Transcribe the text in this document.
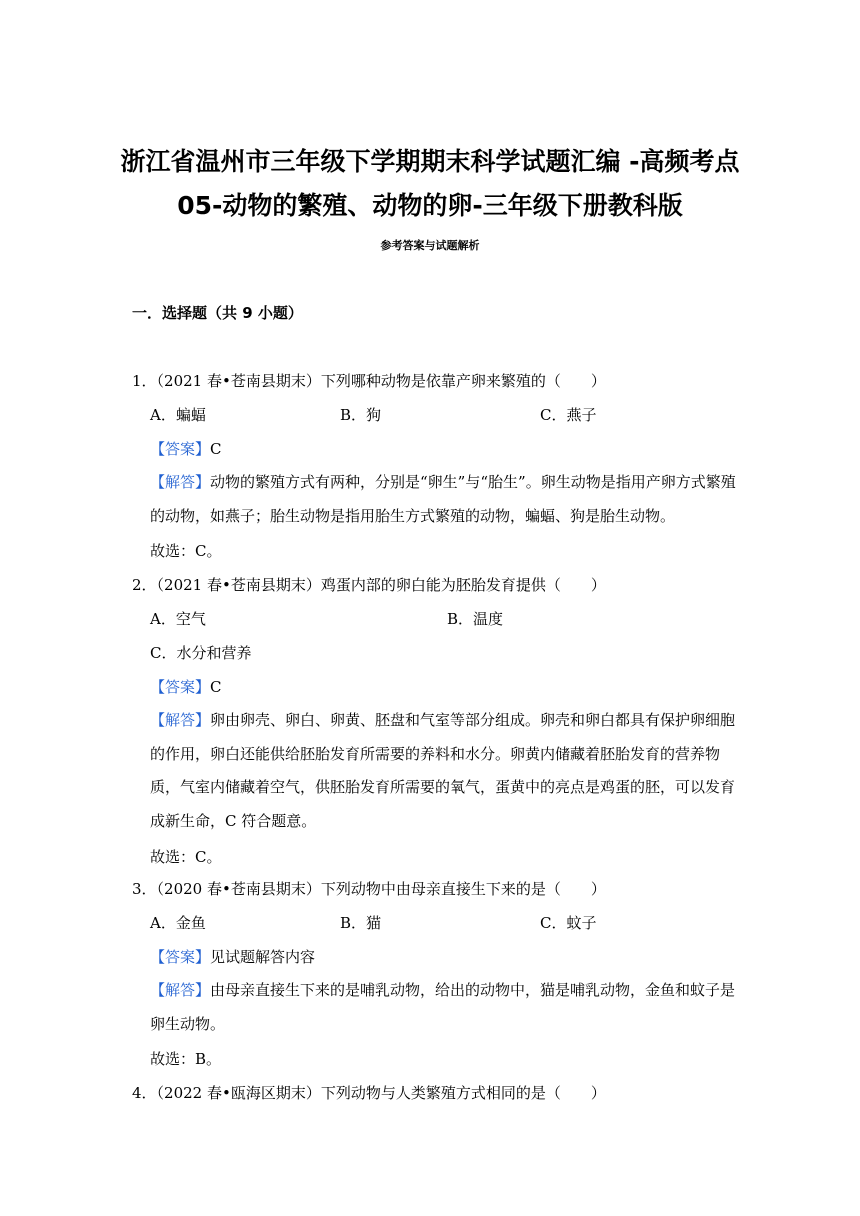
浙江省温州市三年级下学期期末科学试题汇编 -高频考点 05-动物的繁殖、动物的卵-三年级下册教科版
参考答案与试题解析
一．选择题（共 9 小题）
1．（2021 春•苍南县期末）下列哪种动物是依靠产卵来繁殖的（　　）
A．蝙蝠	B．狗	C．燕子
【答案】C
【解答】动物的繁殖方式有两种，分别是“卵生”与“胎生”。卵生动物是指用产卵方式繁殖的动物，如燕子；胎生动物是指用胎生方式繁殖的动物，蝙蝠、狗是胎生动物。
故选：C。
2．（2021 春•苍南县期末）鸡蛋内部的卵白能为胚胎发育提供（　　）
A．空气	B．温度
C．水分和营养
【答案】C
【解答】卵由卵壳、卵白、卵黄、胚盘和气室等部分组成。卵壳和卵白都具有保护卵细胞的作用，卵白还能供给胚胎发育所需要的养料和水分。卵黄内储藏着胚胎发育的营养物质，气室内储藏着空气，供胚胎发育所需要的氧气，蛋黄中的亮点是鸡蛋的胚，可以发育成新生命，C 符合题意。
故选：C。
3．（2020 春•苍南县期末）下列动物中由母亲直接生下来的是（　　）
A．金鱼	B．猫	C．蚊子
【答案】见试题解答内容
【解答】由母亲直接生下来的是哺乳动物，给出的动物中，猫是哺乳动物，金鱼和蚊子是卵生动物。
故选：B。
4．（2022 春•瓯海区期末）下列动物与人类繁殖方式相同的是（　　）
